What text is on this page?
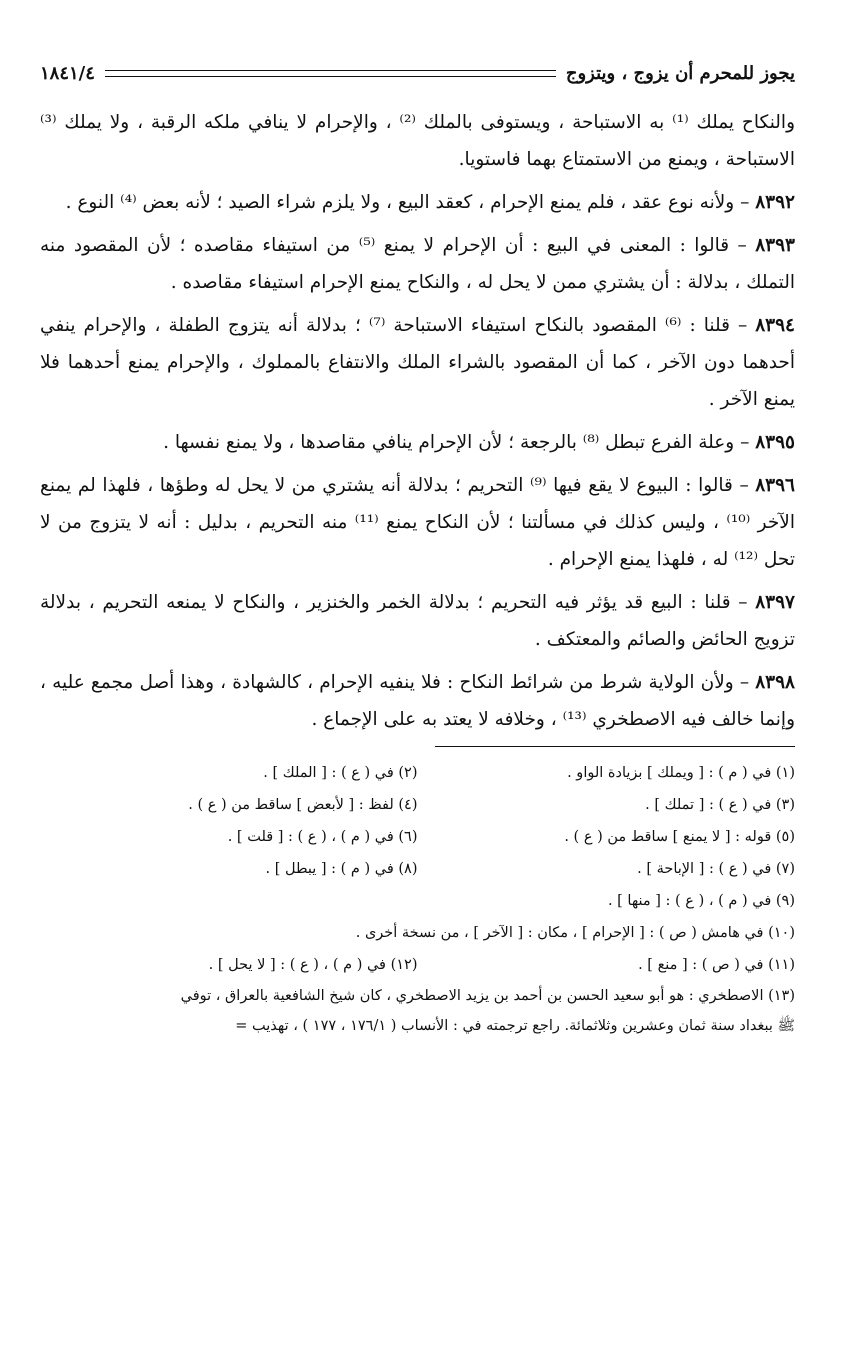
يجوز للمحرم أن يزوج ، ويتزوج
١٨٤١/٤

والنكاح يملك ⁽¹⁾ به الاستباحة ، ويستوفى بالملك ⁽²⁾ ، والإحرام لا ينافي ملكه الرقبة ، ولا يملك ⁽³⁾ الاستباحة ، ويمنع من الاستمتاع بهما فاستويا.

٨٣٩٢ – ولأنه نوع عقد ، فلم يمنع الإحرام ، كعقد البيع ، ولا يلزم شراء الصيد ؛ لأنه بعض ⁽⁴⁾ النوع .

٨٣٩٣ – قالوا : المعنى في البيع : أن الإحرام لا يمنع ⁽⁵⁾ من استيفاء مقاصده ؛ لأن المقصود منه التملك ، بدلالة : أن يشتري ممن لا يحل له ، والنكاح يمنع الإحرام استيفاء مقاصده .

٨٣٩٤ – قلنا : ⁽⁶⁾ المقصود بالنكاح استيفاء الاستباحة ⁽⁷⁾ ؛ بدلالة أنه يتزوج الطفلة ، والإحرام ينفي أحدهما دون الآخر ، كما أن المقصود بالشراء الملك والانتفاع بالمملوك ، والإحرام يمنع أحدهما فلا يمنع الآخر .

٨٣٩٥ – وعلة الفرع تبطل ⁽⁸⁾ بالرجعة ؛ لأن الإحرام ينافي مقاصدها ، ولا يمنع نفسها .

٨٣٩٦ – قالوا : البيوع لا يقع فيها ⁽⁹⁾ التحريم ؛ بدلالة أنه يشتري من لا يحل له وطؤها ، فلهذا لم يمنع الآخر ⁽¹⁰⁾ ، وليس كذلك في مسألتنا ؛ لأن النكاح يمنع ⁽¹¹⁾ منه التحريم ، بدليل : أنه لا يتزوج من لا تحل ⁽¹²⁾ له ، فلهذا يمنع الإحرام .

٨٣٩٧ – قلنا : البيع قد يؤثر فيه التحريم ؛ بدلالة الخمر والخنزير ، والنكاح لا يمنعه التحريم ، بدلالة تزويج الحائض والصائم والمعتكف .

٨٣٩٨ – ولأن الولاية شرط من شرائط النكاح : فلا ينفيه الإحرام ، كالشهادة ، وهذا أصل مجمع عليه ، وإنما خالف فيه الاصطخري ⁽¹³⁾ ، وخلافه لا يعتد به على الإجماع .

(١) في ( م ) : [ ويملك ] بزيادة الواو .
(٢) في ( ع ) : [ الملك ] .
(٣) في ( ع ) : [ تملك ] .
(٤) لفظ : [ لأبعض ] ساقط من ( ع ) .
(٥) قوله : [ لا يمنع ] ساقط من ( ع ) .
(٦) في ( م ) ، ( ع ) : [ قلت ] .
(٧) في ( ع ) : [ الإباحة ] .
(٨) في ( م ) : [ يبطل ] .
(٩) في ( م ) ، ( ع ) : [ منها ] .
(١٠) في هامش ( ص ) : [ الإحرام ] ، مكان : [ الآخر ] ، من نسخة أخرى .
(١١) في ( ص ) : [ منع ] .
(١٢) في ( م ) ، ( ع ) : [ لا يحل ] .
(١٣) الاصطخري : هو أبو سعيد الحسن بن أحمد بن يزيد الاصطخري ، كان شيخ الشافعية بالعراق ، توفي
ﷺ ببغداد سنة ثمان وعشرين وثلاثمائة. راجع ترجمته في : الأنساب ( ١٧٦/١ ، ١٧٧ ) ، تهذيب =
